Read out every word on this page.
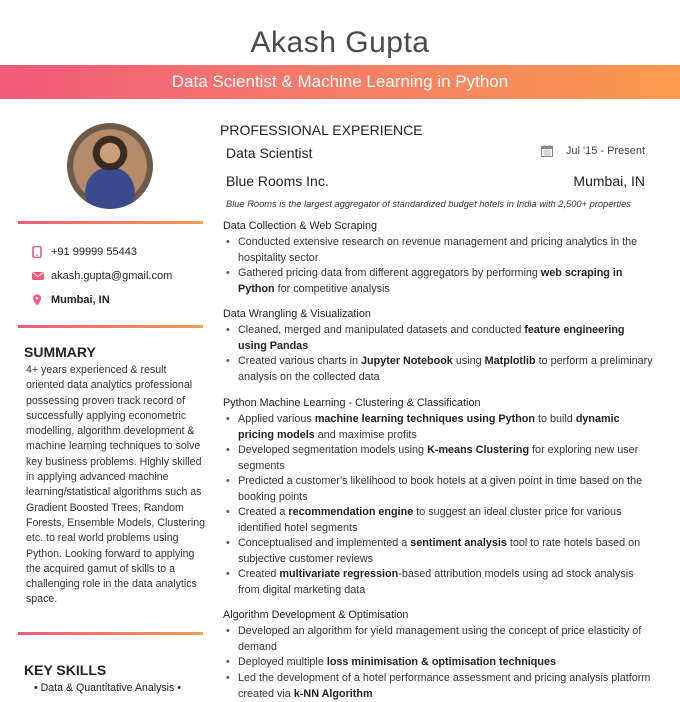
Akash Gupta
Data Scientist & Machine Learning in Python
+91 99999 55443
akash.gupta@gmail.com
Mumbai, IN
SUMMARY
4+ years experienced & result oriented data analytics professional possessing proven track record of successfully applying econometric modelling, algorithm development & machine learning techniques to solve key business problems. Highly skilled in applying advanced machine learning/statistical algorithms such as Gradient Boosted Trees, Random Forests, Ensemble Models, Clustering etc. to real world problems using Python. Looking forward to applying the acquired gamut of skills to a challenging role in the data analytics space.
KEY SKILLS
• Data & Quantitative Analysis •
PROFESSIONAL EXPERIENCE
Data Scientist	Jul '15 - Present
Blue Rooms Inc.	Mumbai, IN
Blue Rooms is the largest aggregator of standardized budget hotels in India with 2,500+ properties
Data Collection & Web Scraping
• Conducted extensive research on revenue management and pricing analytics in the hospitality sector
• Gathered pricing data from different aggregators by performing web scraping in Python for competitive analysis
Data Wrangling & Visualization
• Cleaned, merged and manipulated datasets and conducted feature engineering using Pandas
• Created various charts in Jupyter Notebook using Matplotlib to perform a preliminary analysis on the collected data
Python Machine Learning - Clustering & Classification
• Applied various machine learning techniques using Python to build dynamic pricing models and maximise profits
• Developed segmentation models using K-means Clustering for exploring new user segments
• Predicted a customer's likelihood to book hotels at a given point in time based on the booking points
• Created a recommendation engine to suggest an ideal cluster price for various identified hotel segments
• Conceptualised and implemented a sentiment analysis tool to rate hotels based on subjective customer reviews
• Created multivariate regression-based attribution models using ad stock analysis from digital marketing data
Algorithm Development & Optimisation
• Developed an algorithm for yield management using the concept of price elasticity of demand
• Deployed multiple loss minimisation & optimisation techniques
• Led the development of a hotel performance assessment and pricing analysis platform created via k-NN Algorithm
